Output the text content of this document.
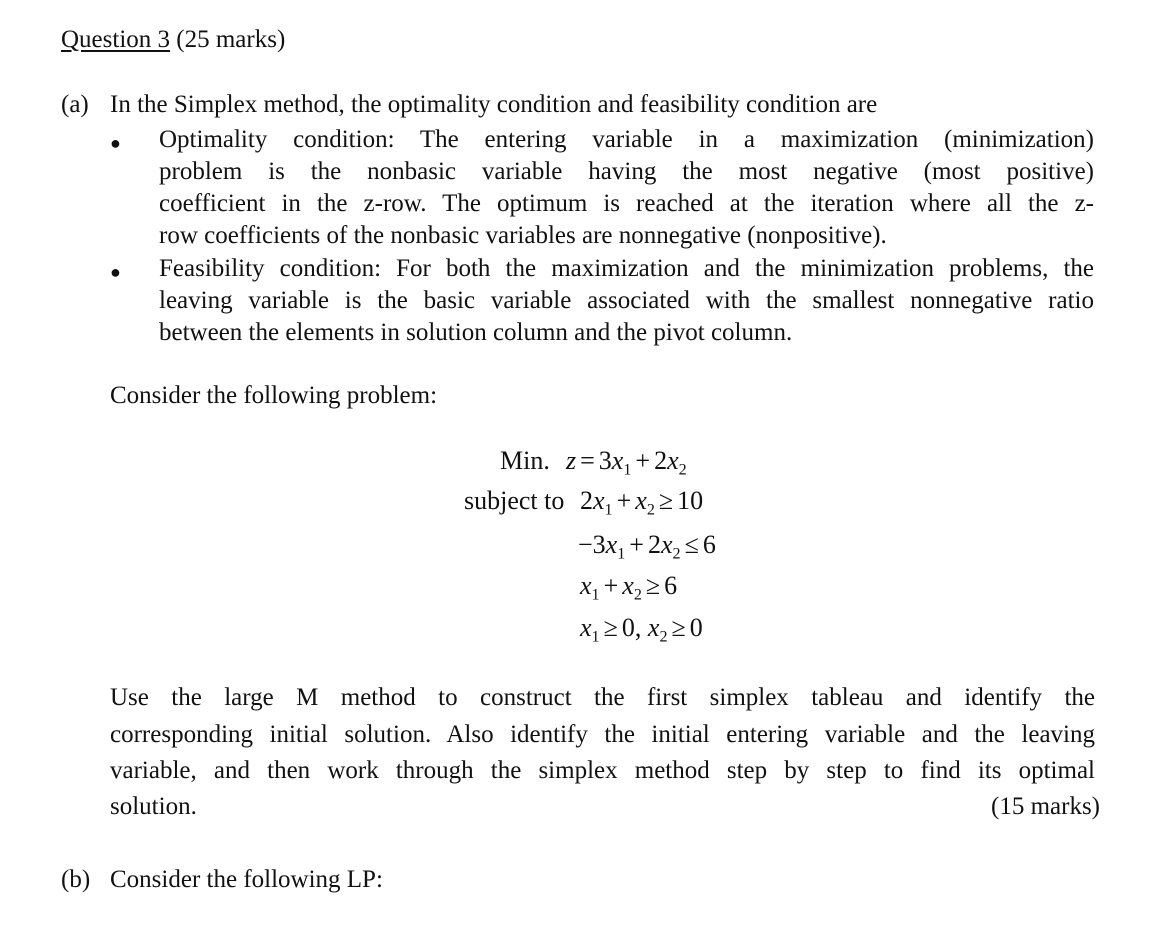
Question 3 (25 marks)
(a) In the Simplex method, the optimality condition and feasibility condition are
● Optimality condition: The entering variable in a maximization (minimization)
problem is the nonbasic variable having the most negative (most positive)
coefficient in the z-row. The optimum is reached at the iteration where all the z-
row coefficients of the nonbasic variables are nonnegative (nonpositive).
● Feasibility condition: For both the maximization and the minimization problems, the
leaving variable is the basic variable associated with the smallest nonnegative ratio
between the elements in solution column and the pivot column.
Consider the following problem:
Min. $z = 3x_1 + 2x_2$
subject to $2x_1 + x_2 \ge 10$
$-3x_1 + 2x_2 \le 6$
$x_1 + x_2 \ge 6$
$x_1 \ge 0$, $x_2 \ge 0$
Use the large M method to construct the first simplex tableau and identify the
corresponding initial solution. Also identify the initial entering variable and the leaving
variable, and then work through the simplex method step by step to find its optimal
solution.	(15 marks)
(b) Consider the following LP:
